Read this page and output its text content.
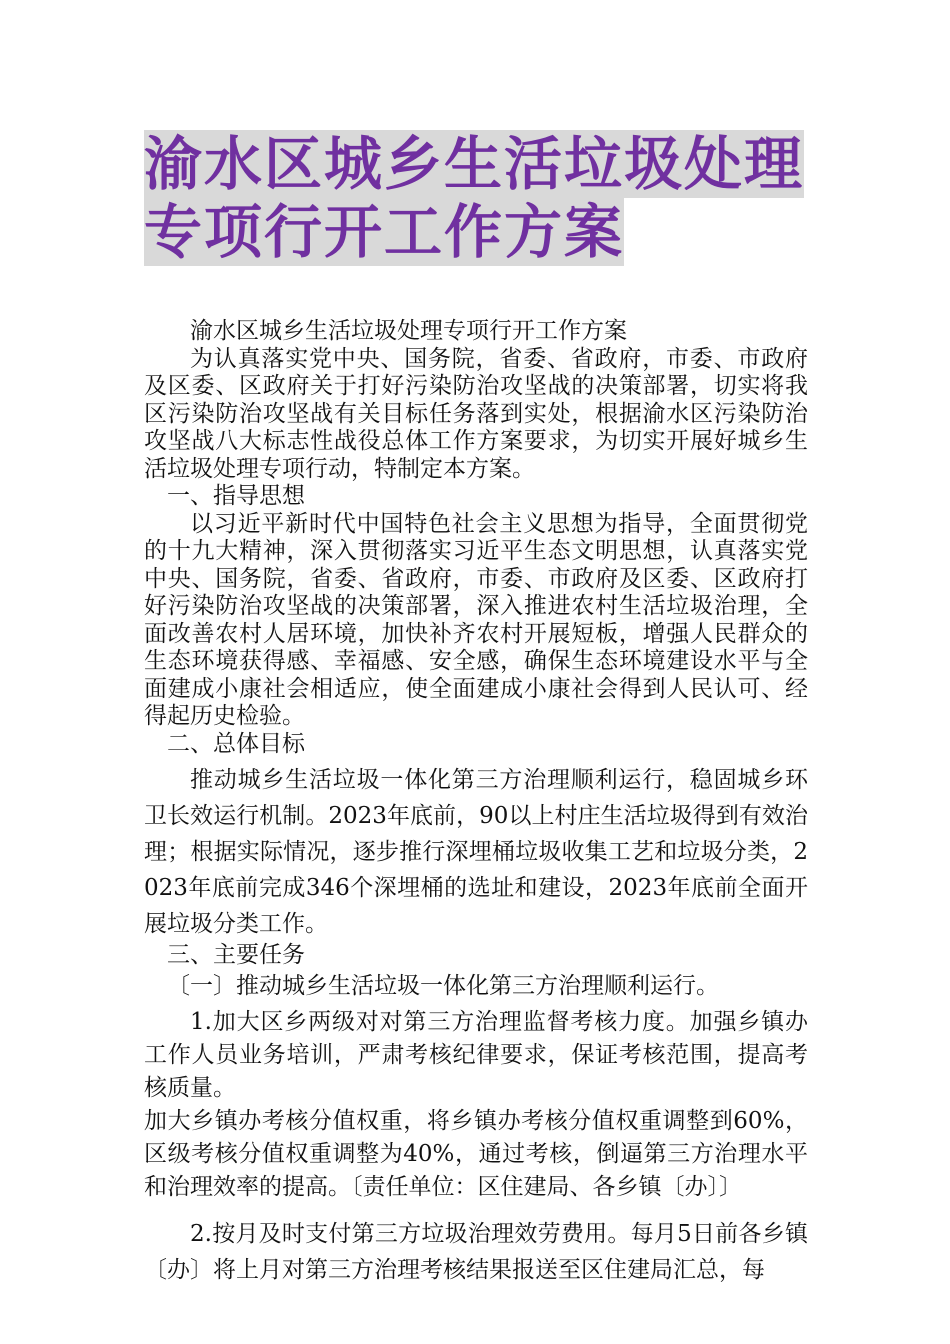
渝水区城乡生活垃圾处理
专项行开工作方案

渝水区城乡生活垃圾处理专项行开工作方案

为认真落实党中央、国务院，省委、省政府，市委、市政府及区委、区政府关于打好污染防治攻坚战的决策部署，切实将我区污染防治攻坚战有关目标任务落到实处，根据渝水区污染防治攻坚战八大标志性战役总体工作方案要求，为切实开展好城乡生活垃圾处理专项行动，特制定本方案。

一、指导思想

以习近平新时代中国特色社会主义思想为指导，全面贯彻党的十九大精神，深入贯彻落实习近平生态文明思想，认真落实党中央、国务院，省委、省政府，市委、市政府及区委、区政府打好污染防治攻坚战的决策部署，深入推进农村生活垃圾治理，全面改善农村人居环境，加快补齐农村开展短板，增强人民群众的生态环境获得感、幸福感、安全感，确保生态环境建设水平与全面建成小康社会相适应，使全面建成小康社会得到人民认可、经得起历史检验。

二、总体目标

推动城乡生活垃圾一体化第三方治理顺利运行，稳固城乡环卫长效运行机制。2023年底前，90以上村庄生活垃圾得到有效治理；根据实际情况，逐步推行深埋桶垃圾收集工艺和垃圾分类，2023年底前完成346个深埋桶的选址和建设，2023年底前全面开展垃圾分类工作。

三、主要任务

〔一〕推动城乡生活垃圾一体化第三方治理顺利运行。

1.加大区乡两级对对第三方治理监督考核力度。加强乡镇办工作人员业务培训，严肃考核纪律要求，保证考核范围，提高考核质量。

加大乡镇办考核分值权重，将乡镇办考核分值权重调整到60%，区级考核分值权重调整为40%，通过考核，倒逼第三方治理水平和治理效率的提高。〔责任单位：区住建局、各乡镇〔办〕〕

2.按月及时支付第三方垃圾治理效劳费用。每月5日前各乡镇〔办〕将上月对第三方治理考核结果报送至区住建局汇总，每
